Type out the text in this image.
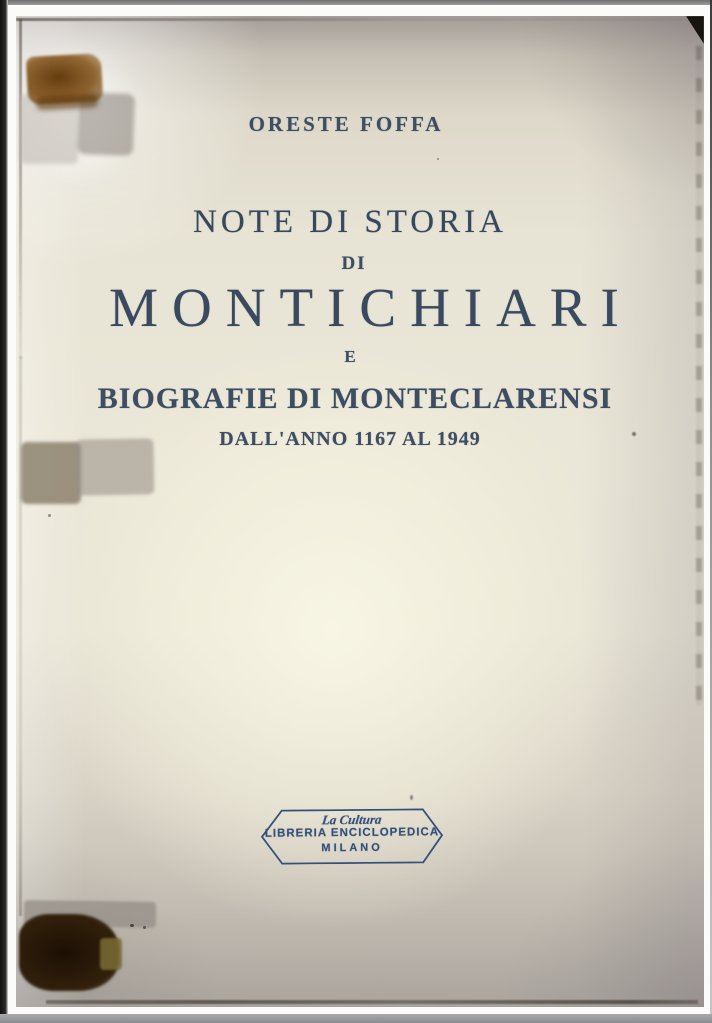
ORESTE FOFFA
NOTE DI STORIA
DI
MONTICHIARI
E
BIOGRAFIE DI MONTECLARENSI
DALL'ANNO 1167 AL 1949
La Cultura
LIBRERIA ENCICLOPEDICA
MILANO
